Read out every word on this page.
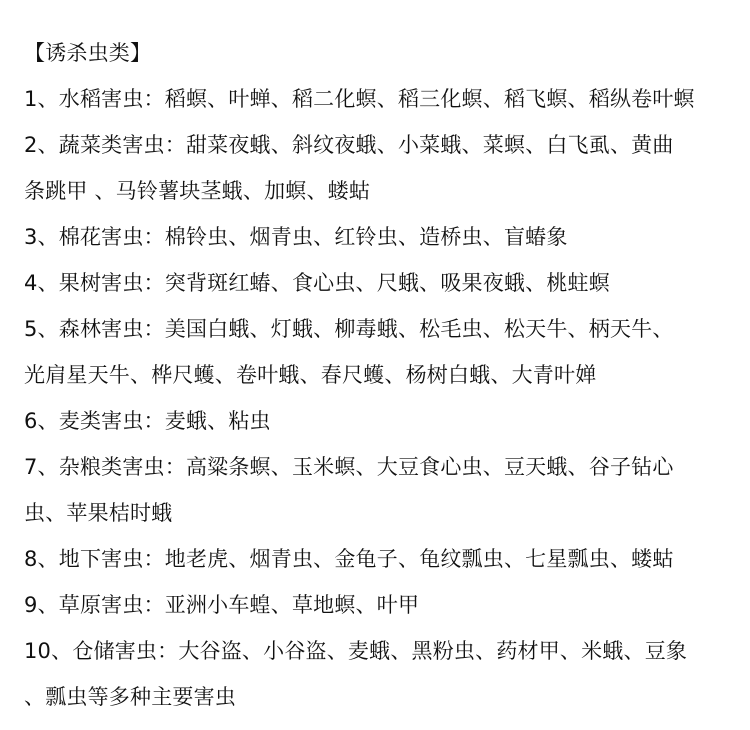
【诱杀虫类】
1、水稻害虫：稻螟、叶蝉、稻二化螟、稻三化螟、稻飞螟、稻纵卷叶螟
2、蔬菜类害虫：甜菜夜蛾、斜纹夜蛾、小菜蛾、菜螟、白飞虱、黄曲
条跳甲 、马铃薯块茎蛾、加螟、蝼蛄
3、棉花害虫：棉铃虫、烟青虫、红铃虫、造桥虫、盲蝽象
4、果树害虫：突背斑红蝽、食心虫、尺蛾、吸果夜蛾、桃蛀螟
5、森林害虫：美国白蛾、灯蛾、柳毒蛾、松毛虫、松天牛、柄天牛、
光肩星天牛、桦尺蠖、卷叶蛾、春尺蠖、杨树白蛾、大青叶婵
6、麦类害虫：麦蛾、粘虫
7、杂粮类害虫：高粱条螟、玉米螟、大豆食心虫、豆天蛾、谷子钻心
虫、苹果桔时蛾
8、地下害虫：地老虎、烟青虫、金龟子、龟纹瓢虫、七星瓢虫、蝼蛄
9、草原害虫：亚洲小车蝗、草地螟、叶甲
10、仓储害虫：大谷盗、小谷盗、麦蛾、黑粉虫、药材甲、米蛾、豆象
、瓢虫等多种主要害虫
